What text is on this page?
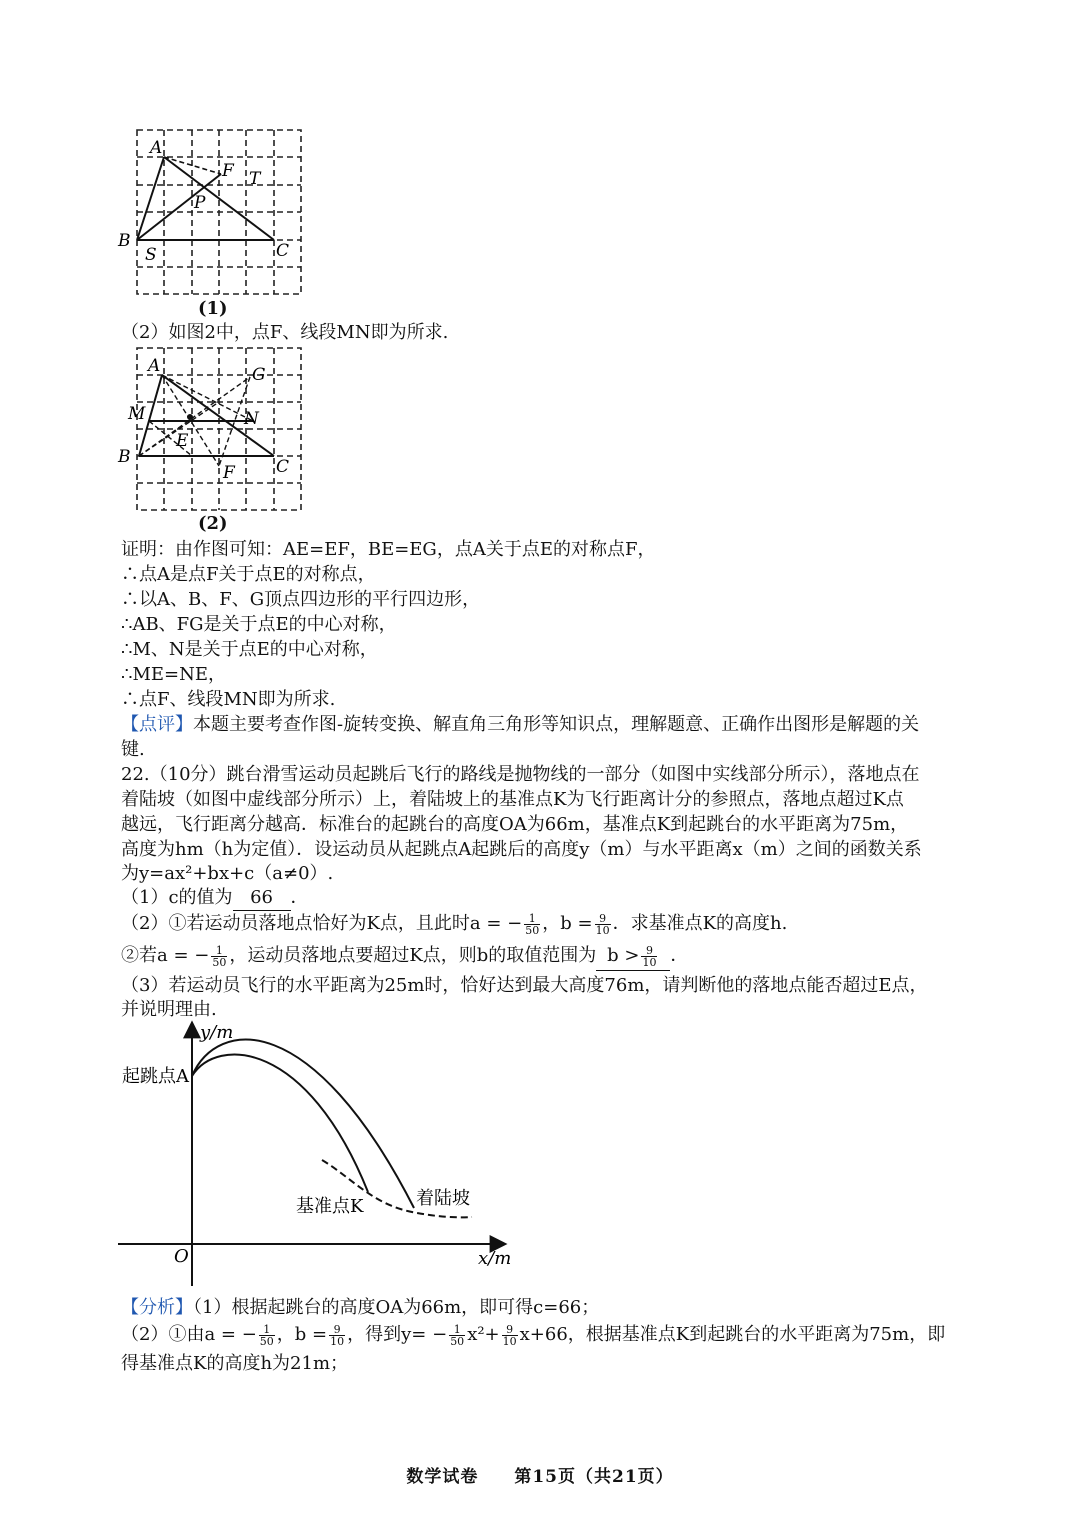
A
F T
P
B
S	C
(1)
（2）如图2中，点F、线段MN即为所求.
A	G
M	N
E
B	C
F
(2)
证明：由作图可知：AE=EF，BE=EG，点A关于点E的对称点F，
∴点A是点F关于点E的对称点，
∴以A、B、F、G顶点四边形的平行四边形，
∴AB、FG是关于点E的中心对称，
∴M、N是关于点E的中心对称，
∴ME=NE，
∴点F、线段MN即为所求.
【点评】本题主要考查作图-旋转变换、解直角三角形等知识点，理解题意、正确作出图形是解题的关
键.
22.（10分）跳台滑雪运动员起跳后飞行的路线是抛物线的一部分（如图中实线部分所示），落地点在
着陆坡（如图中虚线部分所示）上，着陆坡上的基准点K为飞行距离计分的参照点，落地点超过K点
越远，飞行距离分越高．标准台的起跳台的高度OA为66m，基准点K到起跳台的水平距离为75m，
高度为hm（h为定值）．设运动员从起跳点A起跳后的高度y（m）与水平距离x（m）之间的函数关系
为y=ax²+bx+c（a≠0）.
（1）c的值为 66 ．
（2）①若运动员落地点恰好为K点，且此时a = − $\frac{1}{50}$ ，$b = \frac{9}{10}$ ．求基准点K的高度h.
②若a = − $\frac{1}{50}$ ，运动员落地点要超过K点，则b的取值范围为 $b > \frac{9}{10}$ ．
（3）若运动员飞行的水平距离为25m时，恰好达到最大高度76m，请判断他的落地点能否超过E点，
并说明理由.
y/m
x/m
O
起跳点A
基准点K	着陆坡
【分析】（1）根据起跳台的高度OA为66m，即可得c=66；
（2）①由a = − $\frac{1}{50}$ ，$b = \frac{9}{10}$ ，得到$y= - \frac{1}{50} x^2+ \frac{9}{10} x+66$，根据基准点K到起跳台的水平距离为75m，即
得基准点K的高度h为21m；
数学试卷　　第15页（共21页）
